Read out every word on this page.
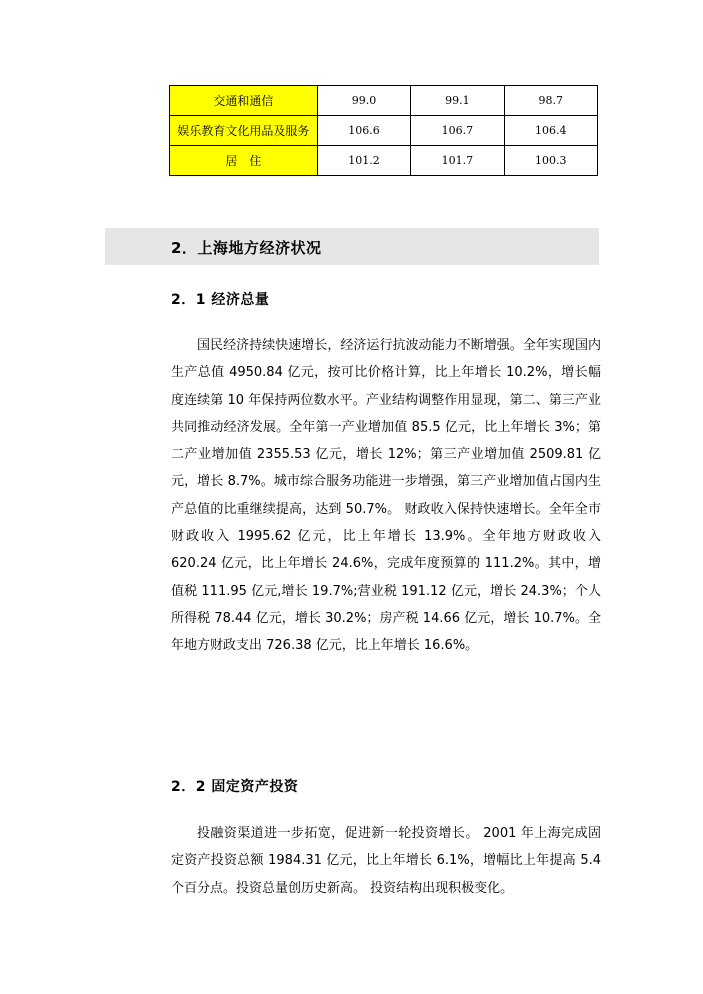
交通和通信	99.0	99.1	98.7
娱乐教育文化用品及服务	106.6	106.7	106.4
居　住	101.2	101.7	100.3
2．上海地方经济状况
2．1 经济总量

国民经济持续快速增长，经济运行抗波动能力不断增强。全年实现国内生产总值 4950.84 亿元，按可比价格计算，比上年增长 10.2%，增长幅度连续第 10 年保持两位数水平。产业结构调整作用显现，第二、第三产业共同推动经济发展。全年第一产业增加值 85.5 亿元，比上年增长 3%；第二产业增加值 2355.53 亿元，增长 12%；第三产业增加值 2509.81 亿元，增长 8.7%。城市综合服务功能进一步增强，第三产业增加值占国内生产总值的比重继续提高，达到 50.7%。 财政收入保持快速增长。全年全市财政收入 1995.62 亿元，比上年增长 13.9%。全年地方财政收入 620.24 亿元，比上年增长 24.6%，完成年度预算的 111.2%。其中，增值税 111.95 亿元,增长 19.7%;营业税 191.12 亿元，增长 24.3%；个人所得税 78.44 亿元，增长 30.2%；房产税 14.66 亿元，增长 10.7%。全年地方财政支出 726.38 亿元，比上年增长 16.6%。

2．2 固定资产投资

投融资渠道进一步拓宽，促进新一轮投资增长。 2001 年上海完成固定资产投资总额 1984.31 亿元，比上年增长 6.1%，增幅比上年提高 5.4 个百分点。投资总量创历史新高。 投资结构出现积极变化。
